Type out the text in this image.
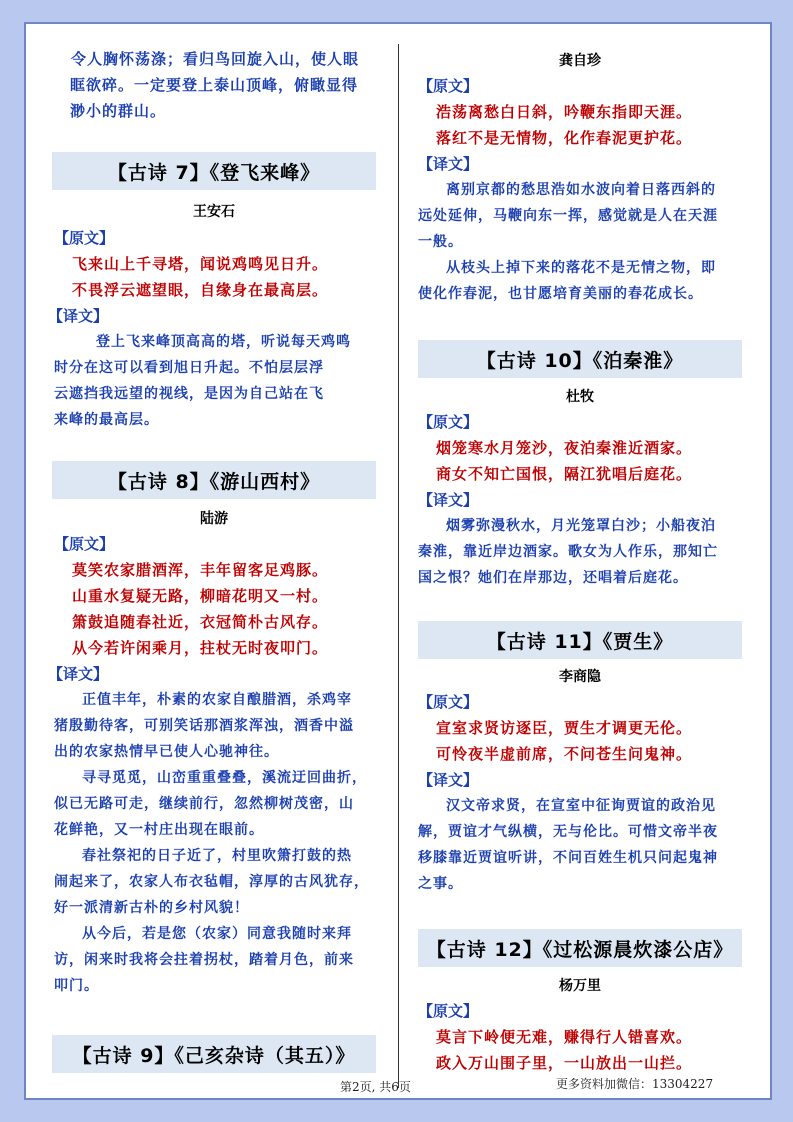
令人胸怀荡涤；看归鸟回旋入山，使人眼

眶欲碎。一定要登上泰山顶峰，俯瞰显得

渺小的群山。

【古诗 7】《登飞来峰》
王安石

【原文】

飞来山上千寻塔，闻说鸡鸣见日升。

不畏浮云遮望眼，自缘身在最高层。

【译文】

登上飞来峰顶高高的塔，听说每天鸡鸣

时分在这可以看到旭日升起。不怕层层浮

云遮挡我远望的视线，是因为自己站在飞

来峰的最高层。

【古诗 8】《游山西村》
陆游

【原文】

莫笑农家腊酒浑，丰年留客足鸡豚。

山重水复疑无路，柳暗花明又一村。

箫鼓追随春社近，衣冠简朴古风存。

从今若许闲乘月，拄杖无时夜叩门。

【译文】

正值丰年，朴素的农家自酿腊酒，杀鸡宰

猪殷勤待客，可别笑话那酒浆浑浊，酒香中溢

出的农家热情早已使人心驰神往。

寻寻觅觅，山峦重重叠叠，溪流迂回曲折，

似已无路可走，继续前行，忽然柳树茂密，山

花鲜艳，又一村庄出现在眼前。

春社祭祀的日子近了，村里吹箫打鼓的热

闹起来了，农家人布衣毡帽，淳厚的古风犹存，

好一派清新古朴的乡村风貌！

从今后，若是您（农家）同意我随时来拜

访，闲来时我将会拄着拐杖，踏着月色，前来

叩门。

【古诗 9】《己亥杂诗（其五）》
龚自珍

【原文】

浩荡离愁白日斜，吟鞭东指即天涯。

落红不是无情物，化作春泥更护花。

【译文】

离别京都的愁思浩如水波向着日落西斜的

远处延伸，马鞭向东一挥，感觉就是人在天涯

一般。

从枝头上掉下来的落花不是无情之物，即

使化作春泥，也甘愿培育美丽的春花成长。

【古诗 10】《泊秦淮》
杜牧

【原文】

烟笼寒水月笼沙，夜泊秦淮近酒家。

商女不知亡国恨，隔江犹唱后庭花。

【译文】

烟雾弥漫秋水，月光笼罩白沙；小船夜泊

秦淮，靠近岸边酒家。歌女为人作乐，那知亡

国之恨？她们在岸那边，还唱着后庭花。

【古诗 11】《贾生》
李商隐

【原文】

宣室求贤访逐臣，贾生才调更无伦。

可怜夜半虚前席，不问苍生问鬼神。

【译文】

汉文帝求贤，在宣室中征询贾谊的政治见

解，贾谊才气纵横，无与伦比。可惜文帝半夜

移膝靠近贾谊听讲，不问百姓生机只问起鬼神

之事。

【古诗 12】《过松源晨炊漆公店》
杨万里

【原文】

莫言下岭便无难，赚得行人错喜欢。

政入万山围子里，一山放出一山拦。

第2页, 共6页	更多资料加微信：13304227
